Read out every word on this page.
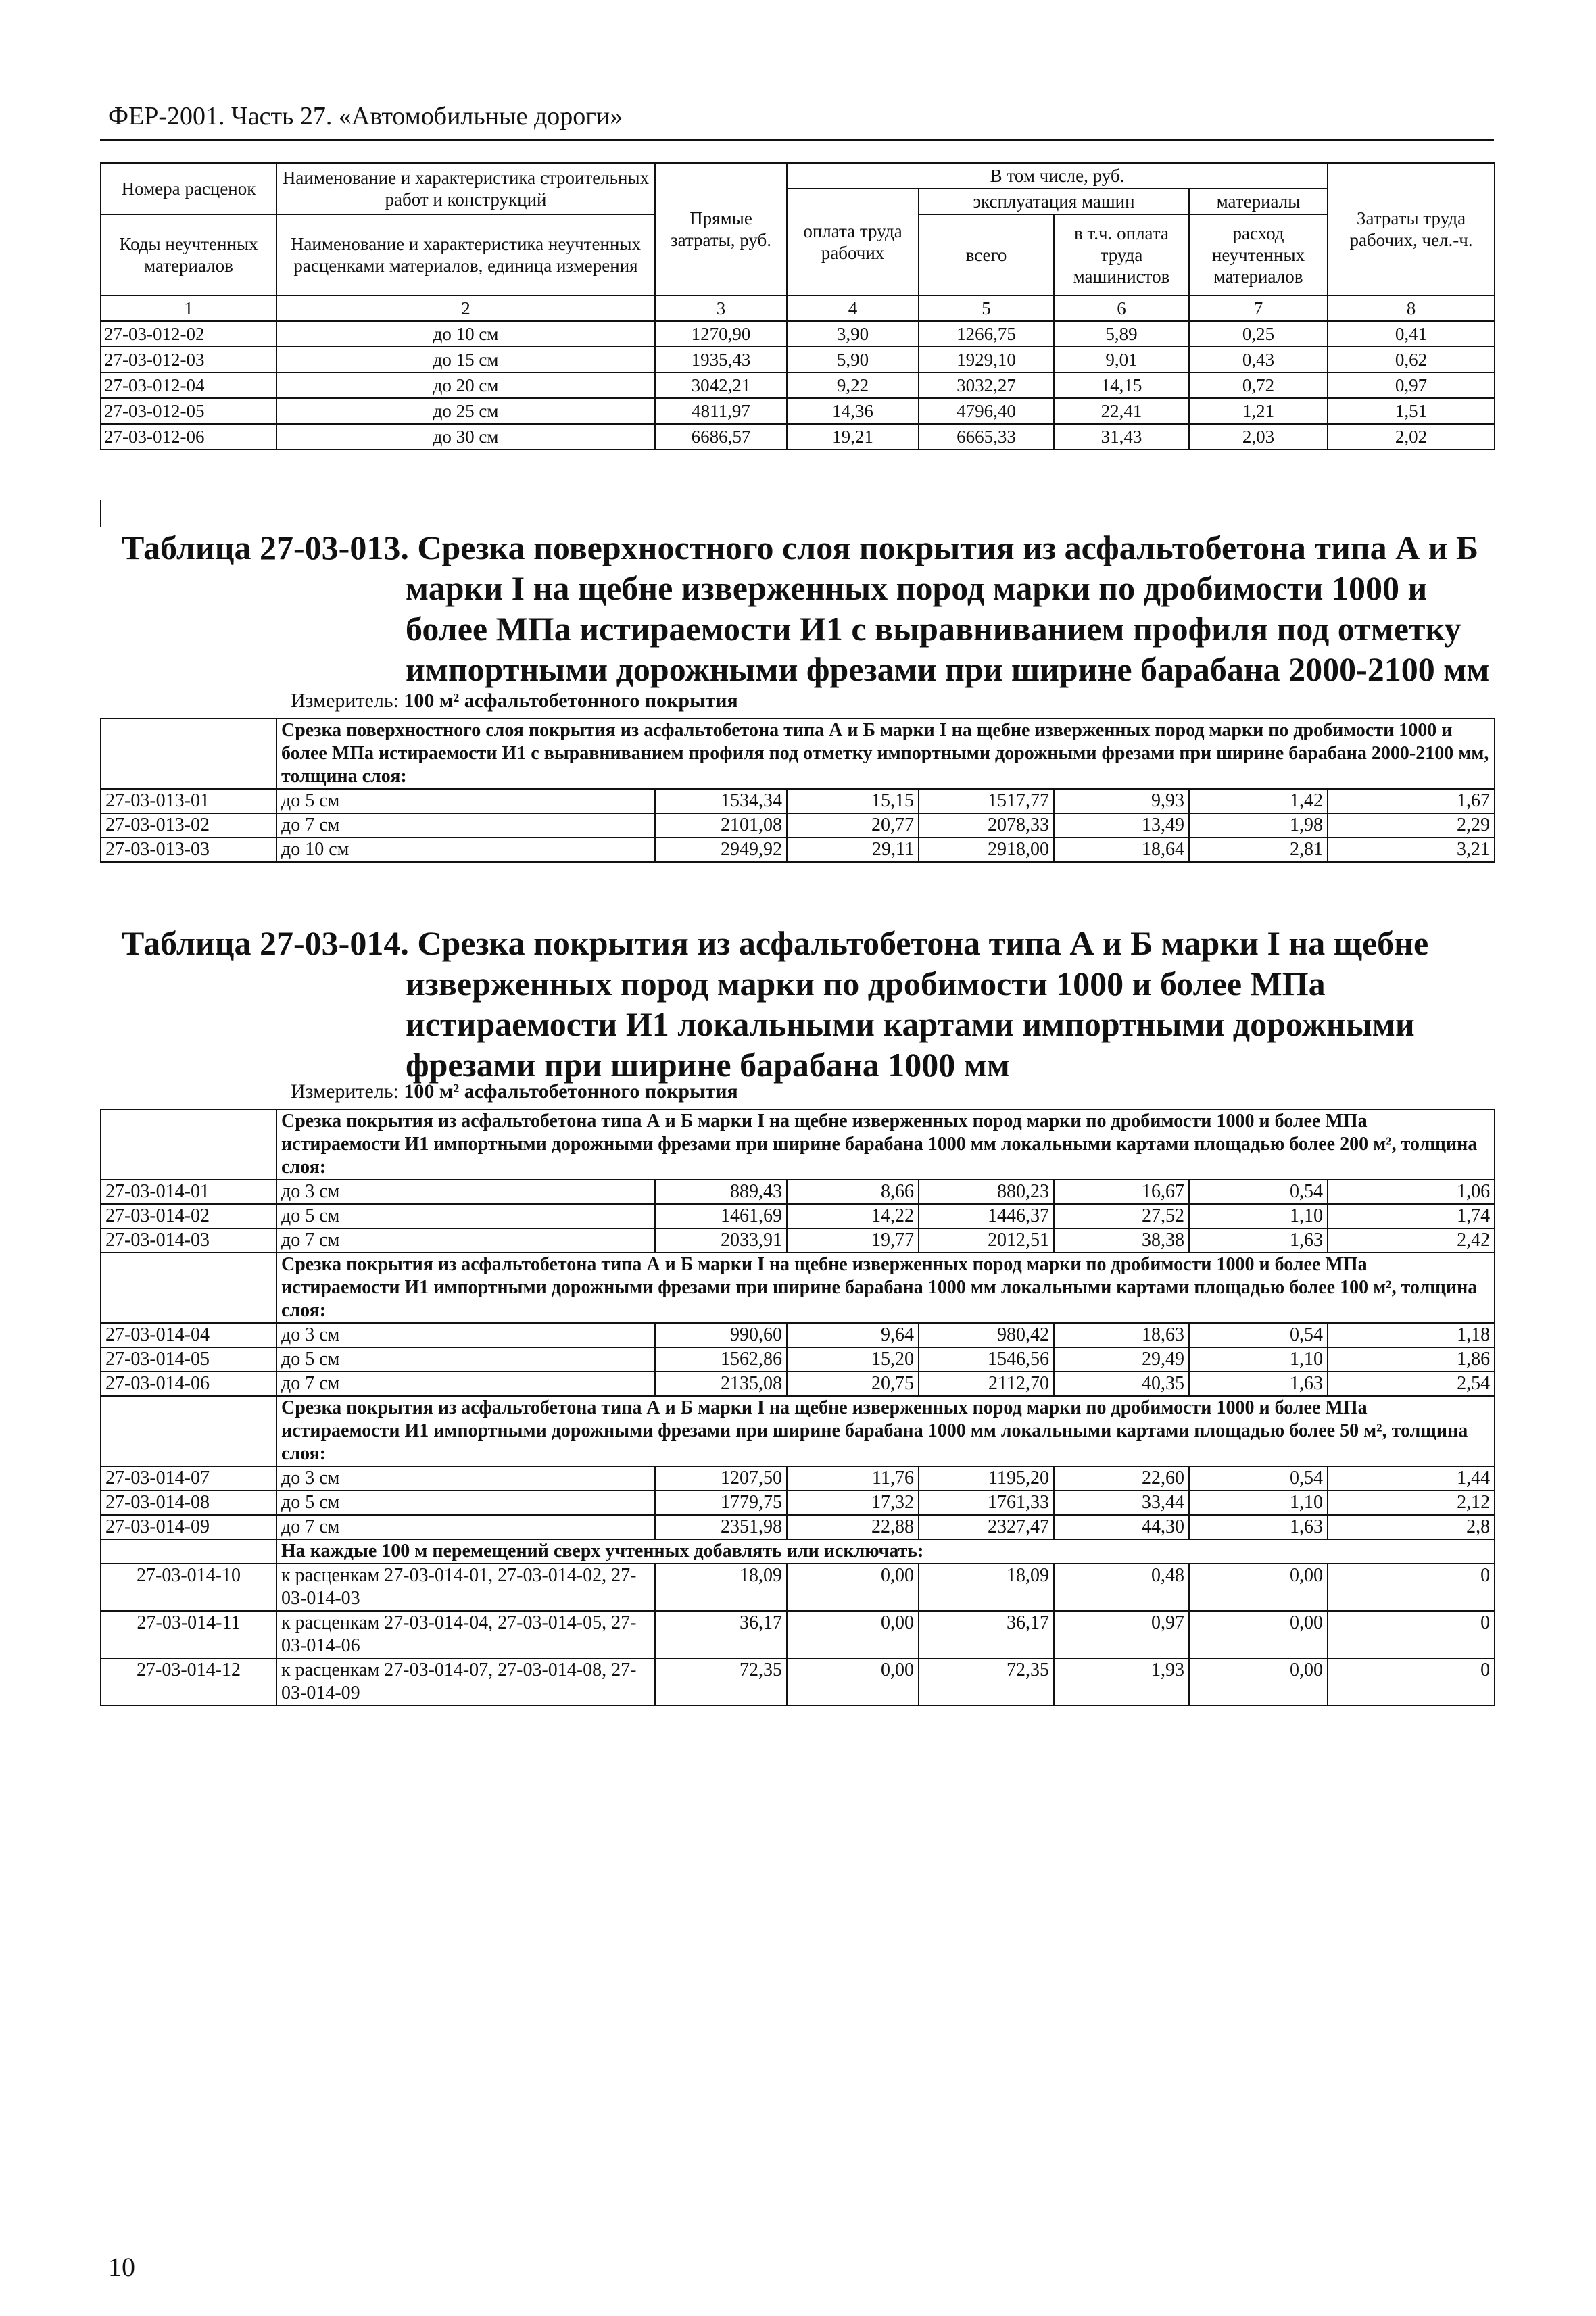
ФЕР-2001. Часть 27. «Автомобильные дороги»
Номера расценок	Наименование и характеристика строительных работ и конструкций	Прямые затраты, руб.	В том числе, руб.				Затраты труда рабочих, чел.-ч.
			оплата труда рабочих	эксплуатация машин		материалы	
Коды неучтенных материалов	Наименование и характеристика неучтенных расценками материалов, единица измерения			всего	в т.ч. оплата труда машинистов	расход неучтенных материалов	

1	2	3	4	5	6	7	8
27-03-012-02	до 10 см	1270,90	3,90	1266,75	5,89	0,25	0,41
27-03-012-03	до 15 см	1935,43	5,90	1929,10	9,01	0,43	0,62
27-03-012-04	до 20 см	3042,21	9,22	3032,27	14,15	0,72	0,97
27-03-012-05	до 25 см	4811,97	14,36	4796,40	22,41	1,21	1,51
27-03-012-06	до 30 см	6686,57	19,21	6665,33	31,43	2,03	2,02
Таблица 27-03-013. Срезка поверхностного слоя покрытия из асфальтобетона типа А и Б
марки I на щебне изверженных пород марки по дробимости 1000 и более МПа истираемости И1 с выравниванием профиля под отметку импортными дорожными фрезами при ширине барабана 2000-2100 мм
Измеритель: 100 м² асфальтобетонного покрытия
	Срезка поверхностного слоя покрытия из асфальтобетона типа А и Б марки I на щебне изверженных пород марки по дробимости 1000 и более МПа истираемости И1 с выравниванием профиля под отметку импортными дорожными фрезами при ширине барабана 2000-2100 мм, толщина слоя:						
27-03-013-01	до 5 см	1534,34	15,15	1517,77	9,93	1,42	1,67
27-03-013-02	до 7 см	2101,08	20,77	2078,33	13,49	1,98	2,29
27-03-013-03	до 10 см	2949,92	29,11	2918,00	18,64	2,81	3,21
Таблица 27-03-014. Срезка покрытия из асфальтобетона типа А и Б марки I на щебне
изверженных пород марки по дробимости 1000 и более МПа истираемости И1 локальными картами импортными дорожными фрезами при ширине барабана 1000 мм
Измеритель: 100 м² асфальтобетонного покрытия
	Срезка покрытия из асфальтобетона типа А и Б марки I на щебне изверженных пород марки по дробимости 1000 и более МПа истираемости И1 импортными дорожными фрезами при ширине барабана 1000 мм локальными картами площадью более 200 м², толщина слоя:						
27-03-014-01	до 3 см	889,43	8,66	880,23	16,67	0,54	1,06
27-03-014-02	до 5 см	1461,69	14,22	1446,37	27,52	1,10	1,74
27-03-014-03	до 7 см	2033,91	19,77	2012,51	38,38	1,63	2,42
	Срезка покрытия из асфальтобетона типа А и Б марки I на щебне изверженных пород марки по дробимости 1000 и более МПа истираемости И1 импортными дорожными фрезами при ширине барабана 1000 мм локальными картами площадью более 100 м², толщина слоя:						
27-03-014-04	до 3 см	990,60	9,64	980,42	18,63	0,54	1,18
27-03-014-05	до 5 см	1562,86	15,20	1546,56	29,49	1,10	1,86
27-03-014-06	до 7 см	2135,08	20,75	2112,70	40,35	1,63	2,54
	Срезка покрытия из асфальтобетона типа А и Б марки I на щебне изверженных пород марки по дробимости 1000 и более МПа истираемости И1 импортными дорожными фрезами при ширине барабана 1000 мм локальными картами площадью более 50 м², толщина слоя:						
27-03-014-07	до 3 см	1207,50	11,76	1195,20	22,60	0,54	1,44
27-03-014-08	до 5 см	1779,75	17,32	1761,33	33,44	1,10	2,12
27-03-014-09	до 7 см	2351,98	22,88	2327,47	44,30	1,63	2,8
	На каждые 100 м перемещений сверх учтенных добавлять или исключать:						
27-03-014-10	к расценкам 27-03-014-01, 27-03-014-02, 27-03-014-03	18,09	0,00	18,09	0,48	0,00	0
27-03-014-11	к расценкам 27-03-014-04, 27-03-014-05, 27-03-014-06	36,17	0,00	36,17	0,97	0,00	0
27-03-014-12	к расценкам 27-03-014-07, 27-03-014-08, 27-03-014-09	72,35	0,00	72,35	1,93	0,00	0
10
